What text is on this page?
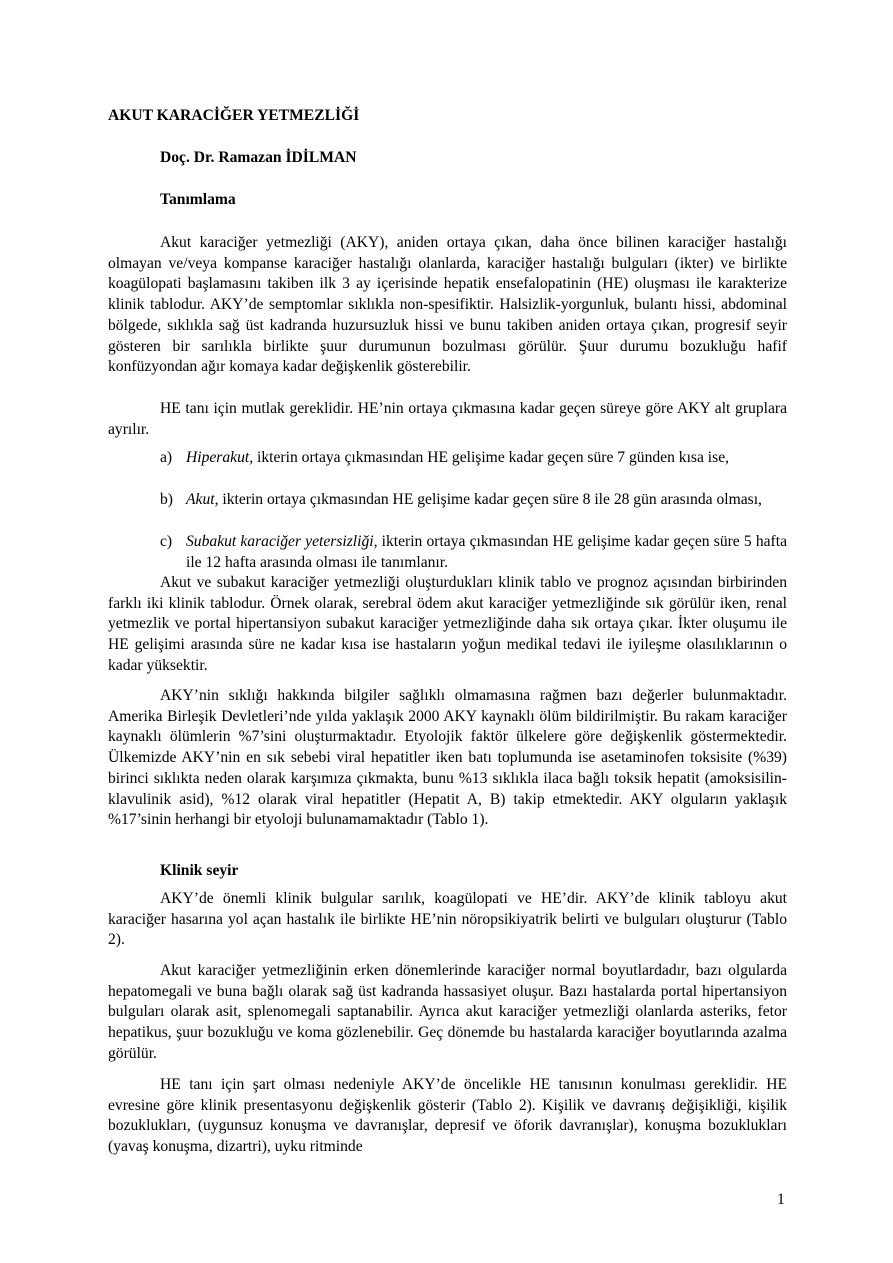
AKUT KARACİĞER YETMEZLİĞİ

Doç. Dr. Ramazan İDİLMAN

Tanımlama

Akut karaciğer yetmezliği (AKY), aniden ortaya çıkan, daha önce bilinen karaciğer hastalığı olmayan ve/veya kompanse karaciğer hastalığı olanlarda, karaciğer hastalığı bulguları (ikter) ve birlikte koagülopati başlamasını takiben ilk 3 ay içerisinde hepatik ensefalopatinin (HE) oluşması ile karakterize klinik tablodur. AKY’de semptomlar sıklıkla non-spesifiktir. Halsizlik-yorgunluk, bulantı hissi, abdominal bölgede, sıklıkla sağ üst kadranda huzursuzluk hissi ve bunu takiben aniden ortaya çıkan, progresif seyir gösteren bir sarılıkla birlikte şuur durumunun bozulması görülür. Şuur durumu bozukluğu hafif konfüzyondan ağır komaya kadar değişkenlik gösterebilir.

HE tanı için mutlak gereklidir. HE’nin ortaya çıkmasına kadar geçen süreye göre AKY alt gruplara ayrılır.

a) Hiperakut, ikterin ortaya çıkmasından HE gelişime kadar geçen süre 7 günden kısa ise,
b) Akut, ikterin ortaya çıkmasından HE gelişime kadar geçen süre 8 ile 28 gün arasında olması,
c) Subakut karaciğer yetersizliği, ikterin ortaya çıkmasından HE gelişime kadar geçen süre 5 hafta ile 12 hafta arasında olması ile tanımlanır.

Akut ve subakut karaciğer yetmezliği oluşturdukları klinik tablo ve prognoz açısından birbirinden farklı iki klinik tablodur. Örnek olarak, serebral ödem akut karaciğer yetmezliğinde sık görülür iken, renal yetmezlik ve portal hipertansiyon subakut karaciğer yetmezliğinde daha sık ortaya çıkar. İkter oluşumu ile HE gelişimi arasında süre ne kadar kısa ise hastaların yoğun medikal tedavi ile iyileşme olasılıklarının o kadar yüksektir.

AKY’nin sıklığı hakkında bilgiler sağlıklı olmamasına rağmen bazı değerler bulunmaktadır. Amerika Birleşik Devletleri’nde yılda yaklaşık 2000 AKY kaynaklı ölüm bildirilmiştir. Bu rakam karaciğer kaynaklı ölümlerin %7’sini oluşturmaktadır. Etyolojik faktör ülkelere göre değişkenlik göstermektedir. Ülkemizde AKY’nin en sık sebebi viral hepatitler iken batı toplumunda ise asetaminofen toksisite (%39) birinci sıklıkta neden olarak karşımıza çıkmakta, bunu %13 sıklıkla ilaca bağlı toksik hepatit (amoksisilin-klavulinik asid), %12 olarak viral hepatitler (Hepatit A, B) takip etmektedir. AKY olguların yaklaşık %17’sinin herhangi bir etyoloji bulunamamaktadır (Tablo 1).

Klinik seyir

AKY’de önemli klinik bulgular sarılık, koagülopati ve HE’dir. AKY’de klinik tabloyu akut karaciğer hasarına yol açan hastalık ile birlikte HE’nin nöropsikiyatrik belirti ve bulguları oluşturur (Tablo 2).

Akut karaciğer yetmezliğinin erken dönemlerinde karaciğer normal boyutlardadır, bazı olgularda hepatomegali ve buna bağlı olarak sağ üst kadranda hassasiyet oluşur. Bazı hastalarda portal hipertansiyon bulguları olarak asit, splenomegali saptanabilir. Ayrıca akut karaciğer yetmezliği olanlarda asteriks, fetor hepatikus, şuur bozukluğu ve koma gözlenebilir. Geç dönemde bu hastalarda karaciğer boyutlarında azalma görülür.

HE tanı için şart olması nedeniyle AKY’de öncelikle HE tanısının konulması gereklidir. HE evresine göre klinik presentasyonu değişkenlik gösterir (Tablo 2). Kişilik ve davranış değişikliği, kişilik bozuklukları, (uygunsuz konuşma ve davranışlar, depresif ve öforik davranışlar), konuşma bozuklukları (yavaş konuşma, dizartri), uyku ritminde

1
